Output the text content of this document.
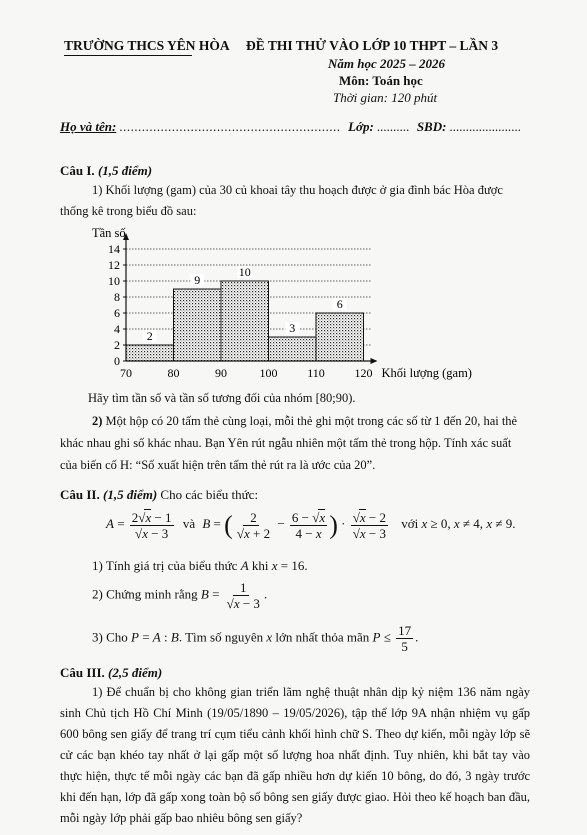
TRƯỜNG THCS YÊN HÒA ĐỀ THI THỬ VÀO LỚP 10 THPT – LẦN 3
Năm học 2025 – 2026
Môn: Toán học
Thời gian: 120 phút
Họ và tên: ........................................................... Lớp: .......... SBD: ......................
Câu I. (1,5 điểm)
1) Khối lượng (gam) của 30 củ khoai tây thu hoạch được ở gia đình bác Hòa được
thống kê trong biểu đồ sau:
0
2
4
6
8
10
12
14
2
9
10
3
6
70	80	90	100 110 120
Tần số
Khối lượng (gam)
Hãy tìm tần số và tần số tương đối của nhóm [80;90).
2) Một hộp có 20 tấm thẻ cùng loại, mỗi thẻ ghi một trong các số từ 1 đến 20, hai thẻ
khác nhau ghi số khác nhau. Bạn Yên rút ngẫu nhiên một tấm thẻ trong hộp. Tính xác suất
của biến cố H: “Số xuất hiện trên tấm thẻ rút ra là ước của 20”.
Câu II. (1,5 điểm) Cho các biểu thức:
$A = \frac{2√x - 1}{√x - 3}$ và B = ( $\frac{2}{√x + 2} - \frac{6 - √x}{4 - x}$ ) · $\frac{√x - 2}{√x - 3}$ với x ≥ 0, x ≠ 4, x ≠ 9.
1) Tính giá trị của biểu thức A khi x = 16.
2) Chứng minh rằng $B = \frac{1}{√x - 3}$ .
3) Cho P = A : B. Tìm số nguyên x lớn nhất thỏa mãn $P \le \frac{17}{5}$ .
Câu III. (2,5 điểm)
1) Để chuẩn bị cho không gian triển lãm nghệ thuật nhân dịp kỷ niệm 136 năm ngày sinh Chủ tịch Hồ Chí Minh (19/05/1890 – 19/05/2026), tập thể lớp 9A nhận nhiệm vụ gấp 600 bông sen giấy để trang trí cụm tiểu cảnh khối hình chữ S. Theo dự kiến, mỗi ngày lớp sẽ cử các bạn khéo tay nhất ở lại gấp một số lượng hoa nhất định. Tuy nhiên, khi bắt tay vào thực hiện, thực tế mỗi ngày các bạn đã gấp nhiều hơn dự kiến 10 bông, do đó, 3 ngày trước khi đến hạn, lớp đã gấp xong toàn bộ số bông sen giấy được giao. Hỏi theo kế hoạch ban đầu, mỗi ngày lớp phải gấp bao nhiêu bông sen giấy?
